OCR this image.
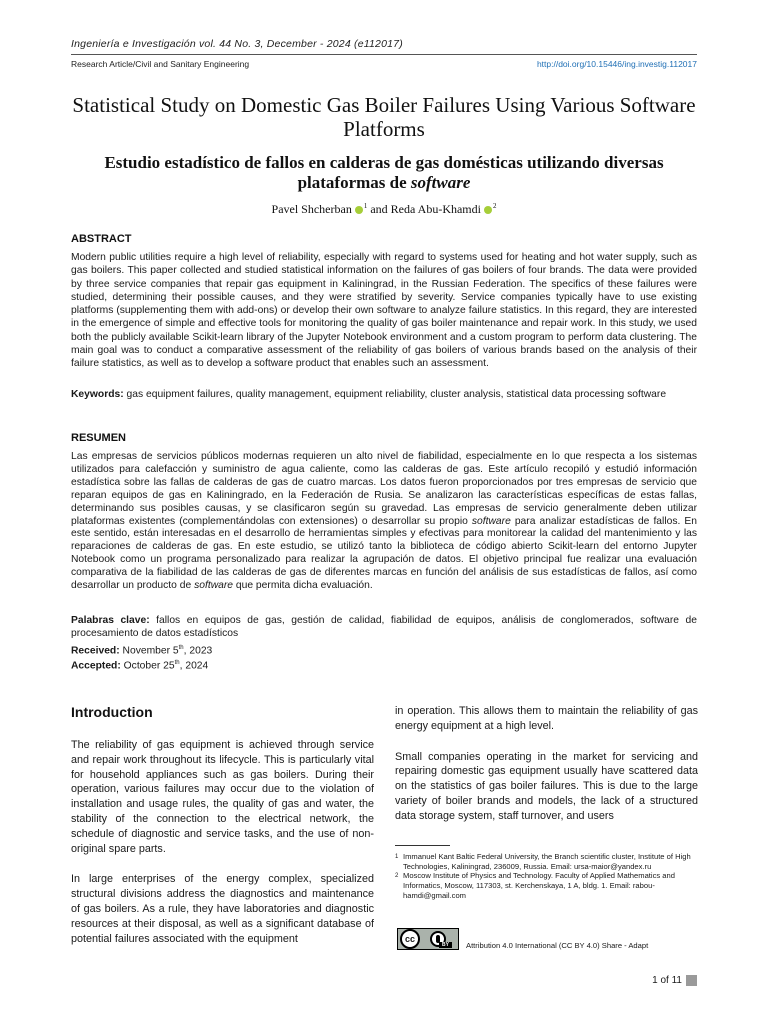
Ingeniería e Investigación vol. 44 No. 3, December - 2024 (e112017)
Research Article/Civil and Sanitary Engineering	http://doi.org/10.15446/ing.investig.112017
Statistical Study on Domestic Gas Boiler Failures Using Various Software Platforms
Estudio estadístico de fallos en calderas de gas domésticas utilizando diversas plataformas de software
Pavel Shcherban $^1$ and Reda Abu-Khamdi $^2$
ABSTRACT

Modern public utilities require a high level of reliability, especially with regard to systems used for heating and hot water supply, such as gas boilers. This paper collected and studied statistical information on the failures of gas boilers of four brands. The data were provided by three service companies that repair gas equipment in Kaliningrad, in the Russian Federation. The specifics of these failures were studied, determining their possible causes, and they were stratified by severity. Service companies typically have to use existing platforms (supplementing them with add-ons) or develop their own software to analyze failure statistics. In this regard, they are interested in the emergence of simple and effective tools for monitoring the quality of gas boiler maintenance and repair work. In this study, we used both the publicly available Scikit-learn library of the Jupyter Notebook environment and a custom program to perform data clustering. The main goal was to conduct a comparative assessment of the reliability of gas boilers of various brands based on the analysis of their failure statistics, as well as to develop a software product that enables such an assessment.

Keywords: gas equipment failures, quality management, equipment reliability, cluster analysis, statistical data processing software

RESUMEN

Las empresas de servicios públicos modernas requieren un alto nivel de fiabilidad, especialmente en lo que respecta a los sistemas utilizados para calefacción y suministro de agua caliente, como las calderas de gas. Este artículo recopiló y estudió información estadística sobre las fallas de calderas de gas de cuatro marcas. Los datos fueron proporcionados por tres empresas de servicio que reparan equipos de gas en Kaliningrado, en la Federación de Rusia. Se analizaron las características específicas de estas fallas, determinando sus posibles causas, y se clasificaron según su gravedad. Las empresas de servicio generalmente deben utilizar plataformas existentes (complementándolas con extensiones) o desarrollar su propio software para analizar estadísticas de fallos. En este sentido, están interesadas en el desarrollo de herramientas simples y efectivas para monitorear la calidad del mantenimiento y las reparaciones de calderas de gas. En este estudio, se utilizó tanto la biblioteca de código abierto Scikit-learn del entorno Jupyter Notebook como un programa personalizado para realizar la agrupación de datos. El objetivo principal fue realizar una evaluación comparativa de la fiabilidad de las calderas de gas de diferentes marcas en función del análisis de sus estadísticas de fallos, así como desarrollar un producto de software que permita dicha evaluación.

Palabras clave: fallos en equipos de gas, gestión de calidad, fiabilidad de equipos, análisis de conglomerados, software de procesamiento de datos estadísticos

Received: November 5th, 2023
Accepted: October 25th, 2024
Introduction

The reliability of gas equipment is achieved through service and repair work throughout its lifecycle. This is particularly vital for household appliances such as gas boilers. During their operation, various failures may occur due to the violation of installation and usage rules, the quality of gas and water, the stability of the connection to the electrical network, the schedule of diagnostic and service tasks, and the use of non-original spare parts.

In large enterprises of the energy complex, specialized structural divisions address the diagnostics and maintenance of gas boilers. As a rule, they have laboratories and diagnostic resources at their disposal, as well as a significant database of potential failures associated with the equipment

in operation. This allows them to maintain the reliability of gas energy equipment at a high level.

Small companies operating in the market for servicing and repairing domestic gas equipment usually have scattered data on the statistics of gas boiler failures. This is due to the large variety of boiler brands and models, the lack of a structured data storage system, staff turnover, and users

1 Immanuel Kant Baltic Federal University, the Branch scientific cluster, Institute of High Technologies, Kaliningrad, 236009, Russia. Email: ursa-maior@yandex.ru
2 Moscow Institute of Physics and Technology. Faculty of Applied Mathematics and Informatics, Moscow, 117303, st. Kerchenskaya, 1 A, bldg. 1. Email: rabou-hamdi@gmail.com
cc
BY	Attribution 4.0 International (CC BY 4.0) Share - Adapt
1 of 11
